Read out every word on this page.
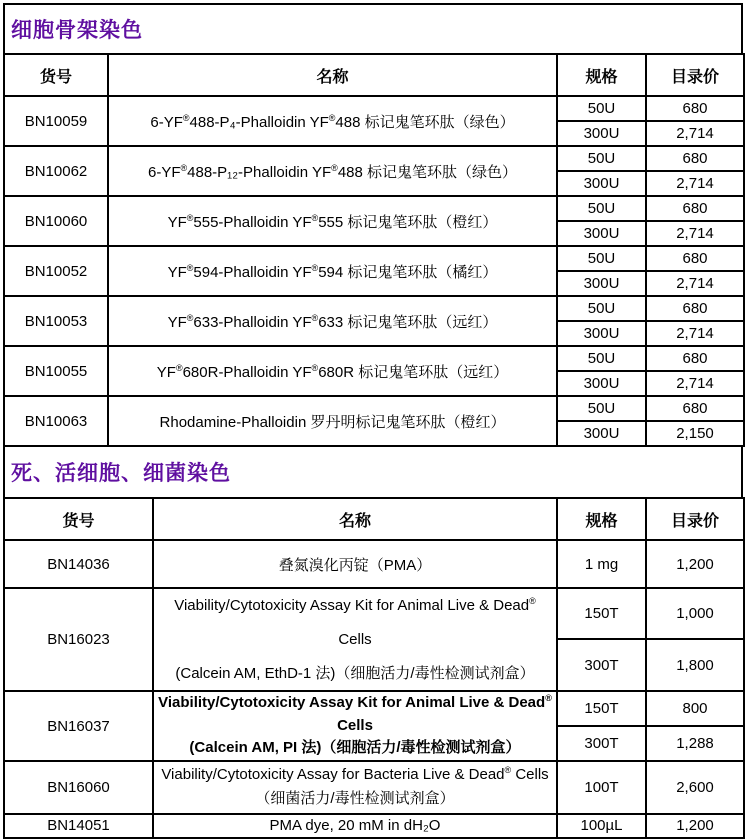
细胞骨架染色
货号	名称	规格	目录价
BN10059	6-YF®488-P₄-Phalloidin YF®488 标记鬼笔环肽（绿色）	50U	680
		300U	2,714
BN10062	6-YF®488-P₁₂-Phalloidin YF®488 标记鬼笔环肽（绿色）	50U	680
		300U	2,714
BN10060	YF®555-Phalloidin YF®555 标记鬼笔环肽（橙红）	50U	680
		300U	2,714
BN10052	YF®594-Phalloidin YF®594 标记鬼笔环肽（橘红）	50U	680
		300U	2,714
BN10053	YF®633-Phalloidin YF®633 标记鬼笔环肽（远红）	50U	680
		300U	2,714
BN10055	YF®680R-Phalloidin YF®680R 标记鬼笔环肽（远红）	50U	680
		300U	2,714
BN10063	Rhodamine-Phalloidin 罗丹明标记鬼笔环肽（橙红）	50U	680
		300U	2,150
死、活细胞、细菌染色
货号	名称	规格	目录价
BN14036	叠氮溴化丙锭（PMA）	1 mg	1,200
BN16023	Viability/Cytotoxicity Assay Kit for Animal Live & Dead® Cells
(Calcein AM, EthD-1 法)（细胞活力/毒性检测试剂盒）	150T	1,000
		300T	1,800
BN16037	Viability/Cytotoxicity Assay Kit for Animal Live & Dead® Cells
(Calcein AM, PI 法)（细胞活力/毒性检测试剂盒）	150T	800
		300T	1,288
BN16060	Viability/Cytotoxicity Assay for Bacteria Live & Dead® Cells
（细菌活力/毒性检测试剂盒）	100T	2,600
BN14051	PMA dye, 20 mM in dH₂O	100µL	1,200
